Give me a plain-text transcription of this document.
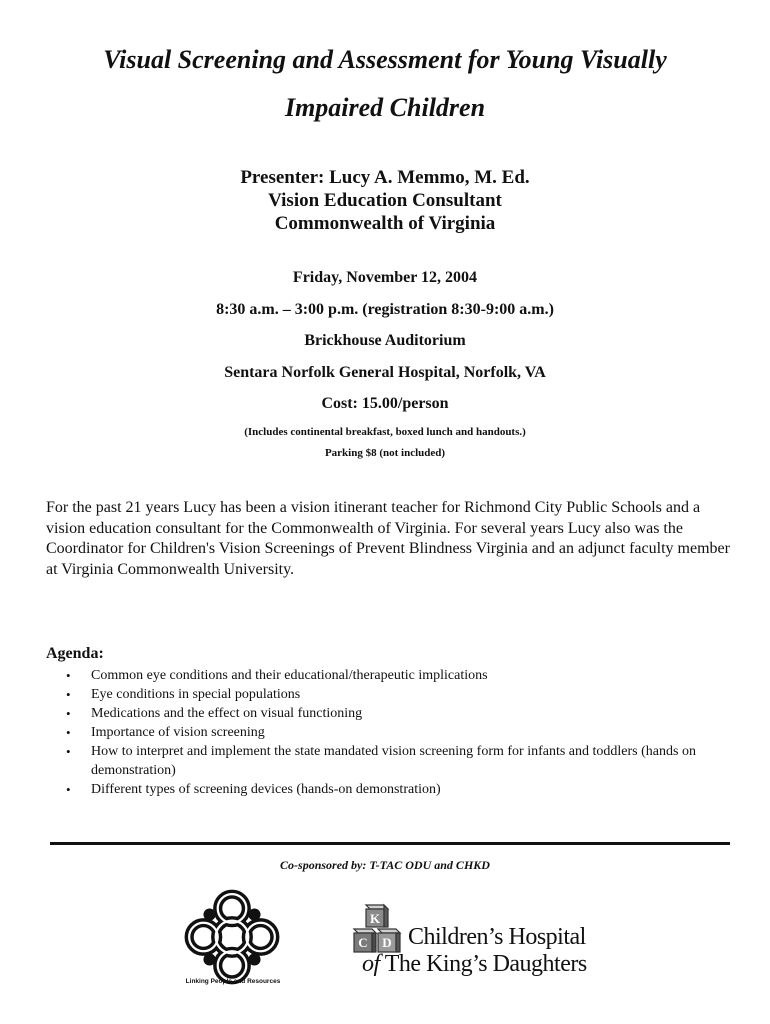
Visual Screening and Assessment for Young Visually
Impaired Children
Presenter: Lucy A. Memmo, M. Ed.
Vision Education Consultant
Commonwealth of Virginia
Friday, November 12, 2004
8:30 a.m. – 3:00 p.m. (registration 8:30-9:00 a.m.)
Brickhouse Auditorium
Sentara Norfolk General Hospital, Norfolk, VA
Cost: 15.00/person
(Includes continental breakfast, boxed lunch and handouts.)
Parking $8 (not included)
For the past 21 years Lucy has been a vision itinerant teacher for Richmond City Public Schools and a vision education consultant for the Commonwealth of Virginia. For several years Lucy also was the Coordinator for Children's Vision Screenings of Prevent Blindness Virginia and an adjunct faculty member at Virginia Commonwealth University.
Agenda:
• Common eye conditions and their educational/therapeutic implications
• Eye conditions in special populations
• Medications and the effect on visual functioning
• Importance of vision screening
• How to interpret and implement the state mandated vision screening form for infants and toddlers (hands on demonstration)
• Different types of screening devices (hands-on demonstration)
Co-sponsored by: T-TAC ODU and CHKD
Linking People and Resources
K
C D Children’s Hospital
of The King’s Daughters
